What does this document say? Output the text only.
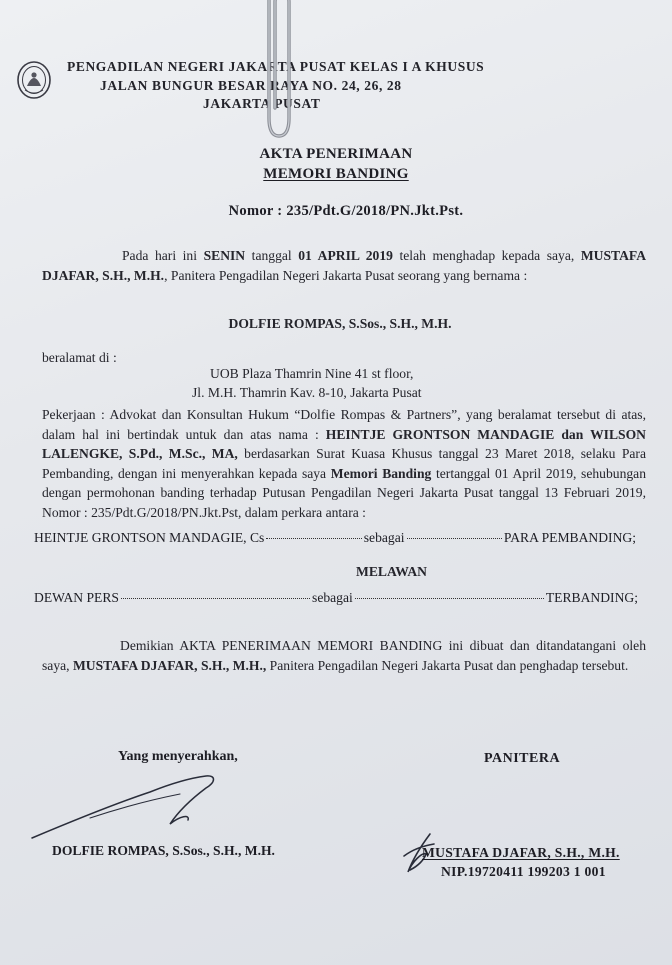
PENGADILAN NEGERI JAKARTA PUSAT KELAS I A KHUSUS
JALAN BUNGUR BESAR RAYA NO. 24, 26, 28
JAKARTA PUSAT
AKTA PENERIMAAN
MEMORI BANDING
Nomor : 235/Pdt.G/2018/PN.Jkt.Pst.
Pada hari ini SENIN tanggal 01 APRIL 2019 telah menghadap kepada saya, MUSTAFA DJAFAR, S.H., M.H., Panitera Pengadilan Negeri Jakarta Pusat seorang yang bernama :
DOLFIE ROMPAS, S.Sos., S.H., M.H.
beralamat di :
UOB Plaza Thamrin Nine 41 st floor,
Jl. M.H. Thamrin Kav. 8-10, Jakarta Pusat
Pekerjaan : Advokat dan Konsultan Hukum “Dolfie Rompas & Partners”, yang beralamat tersebut di atas, dalam hal ini bertindak untuk dan atas nama : HEINTJE GRONTSON MANDAGIE dan WILSON LALENGKE, S.Pd., M.Sc., MA, berdasarkan Surat Kuasa Khusus tanggal 23 Maret 2018, selaku Para Pembanding, dengan ini menyerahkan kepada saya Memori Banding tertanggal 01 April 2019, sehubungan dengan permohonan banding terhadap Putusan Pengadilan Negeri Jakarta Pusat tanggal 13 Februari 2019, Nomor : 235/Pdt.G/2018/PN.Jkt.Pst, dalam perkara antara :
HEINTJE GRONTSON MANDAGIE, Cs	sebagai	PARA PEMBANDING;
MELAWAN
DEWAN PERS	sebagai	TERBANDING;
Demikian AKTA PENERIMAAN MEMORI BANDING ini dibuat dan ditandatangani oleh saya, MUSTAFA DJAFAR, S.H., M.H., Panitera Pengadilan Negeri Jakarta Pusat dan penghadap tersebut.
Yang menyerahkan,	PANITERA
DOLFIE ROMPAS, S.Sos., S.H., M.H.	MUSTAFA DJAFAR, S.H., M.H.
NIP.19720411 199203 1 001
